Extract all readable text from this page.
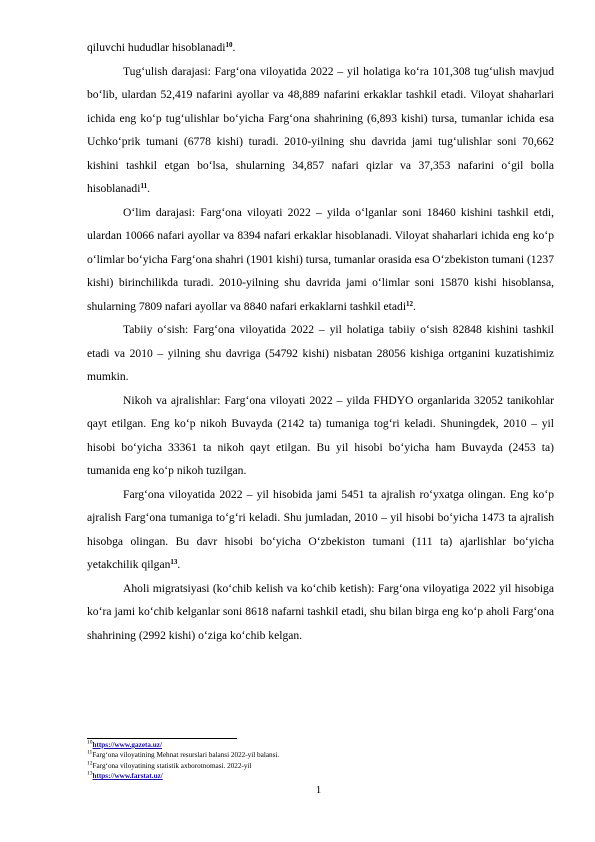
qiluvchi hududlar hisoblanadi$^{10}$.

Tug‘ulish darajasi: Farg‘ona viloyatida 2022 – yil holatiga ko‘ra 101,308 tug‘ulish mavjud bo‘lib, ulardan 52,419 nafarini ayollar va 48,889 nafarini erkaklar tashkil etadi. Viloyat shaharlari ichida eng ko‘p tug‘ulishlar bo‘yicha Farg‘ona shahrining (6,893 kishi) tursa, tumanlar ichida esa Uchko‘prik tumani (6778 kishi) turadi. 2010-yilning shu davrida jami tug‘ulishlar soni 70,662 kishini tashkil etgan bo‘lsa, shularning 34,857 nafari qizlar va 37,353 nafarini o‘gil bolla hisoblanadi$^{11}$.

O‘lim darajasi: Farg‘ona viloyati 2022 – yilda o‘lganlar soni 18460 kishini tashkil etdi, ulardan 10066 nafari ayollar va 8394 nafari erkaklar hisoblanadi. Viloyat shaharlari ichida eng ko‘p o‘limlar bo‘yicha Farg‘ona shahri (1901 kishi) tursa, tumanlar orasida esa O‘zbekiston tumani (1237 kishi) birinchilikda turadi. 2010-yilning shu davrida jami o‘limlar soni 15870 kishi hisoblansa, shularning 7809 nafari ayollar va 8840 nafari erkaklarni tashkil etadi$^{12}$.

Tabiiy o‘sish: Farg‘ona viloyatida 2022 – yil holatiga tabiiy o‘sish 82848 kishini tashkil etadi va 2010 – yilning shu davriga (54792 kishi) nisbatan 28056 kishiga ortganini kuzatishimiz mumkin.

Nikoh va ajralishlar: Farg‘ona viloyati 2022 – yilda FHDYO organlarida 32052 tanikohlar qayt etilgan. Eng ko‘p nikoh Buvayda (2142 ta) tumaniga tog‘ri keladi. Shuningdek, 2010 – yil hisobi bo‘yicha 33361 ta nikoh qayt etilgan. Bu yil hisobi bo‘yicha ham Buvayda (2453 ta) tumanida eng ko‘p nikoh tuzilgan.

Farg‘ona viloyatida 2022 – yil hisobida jami 5451 ta ajralish ro‘yxatga olingan. Eng ko‘p ajralish Farg‘ona tumaniga to‘g‘ri keladi. Shu jumladan, 2010 – yil hisobi bo‘yicha 1473 ta ajralish hisobga olingan. Bu davr hisobi bo‘yicha O‘zbekiston tumani (111 ta) ajarlishlar bo‘yicha yetakchilik qilgan$^{13}$.

Aholi migratsiyasi (ko‘chib kelish va ko‘chib ketish): Farg‘ona viloyatiga 2022 yil hisobiga ko‘ra jami ko‘chib kelganlar soni 8618 nafarni tashkil etadi, shu bilan birga eng ko‘p aholi Farg‘ona shahrining (2992 kishi) o‘ziga ko‘chib kelgan.

$^{10}$https://www.gazeta.uz/

$^{11}$Farg‘ona viloyatining Mehnat resurslari balansi 2022-yil balansi.

$^{12}$Farg‘ona viloyatining statistik axborotnomasi. 2022-yil

$^{13}$https://www.farstat.uz/

1
